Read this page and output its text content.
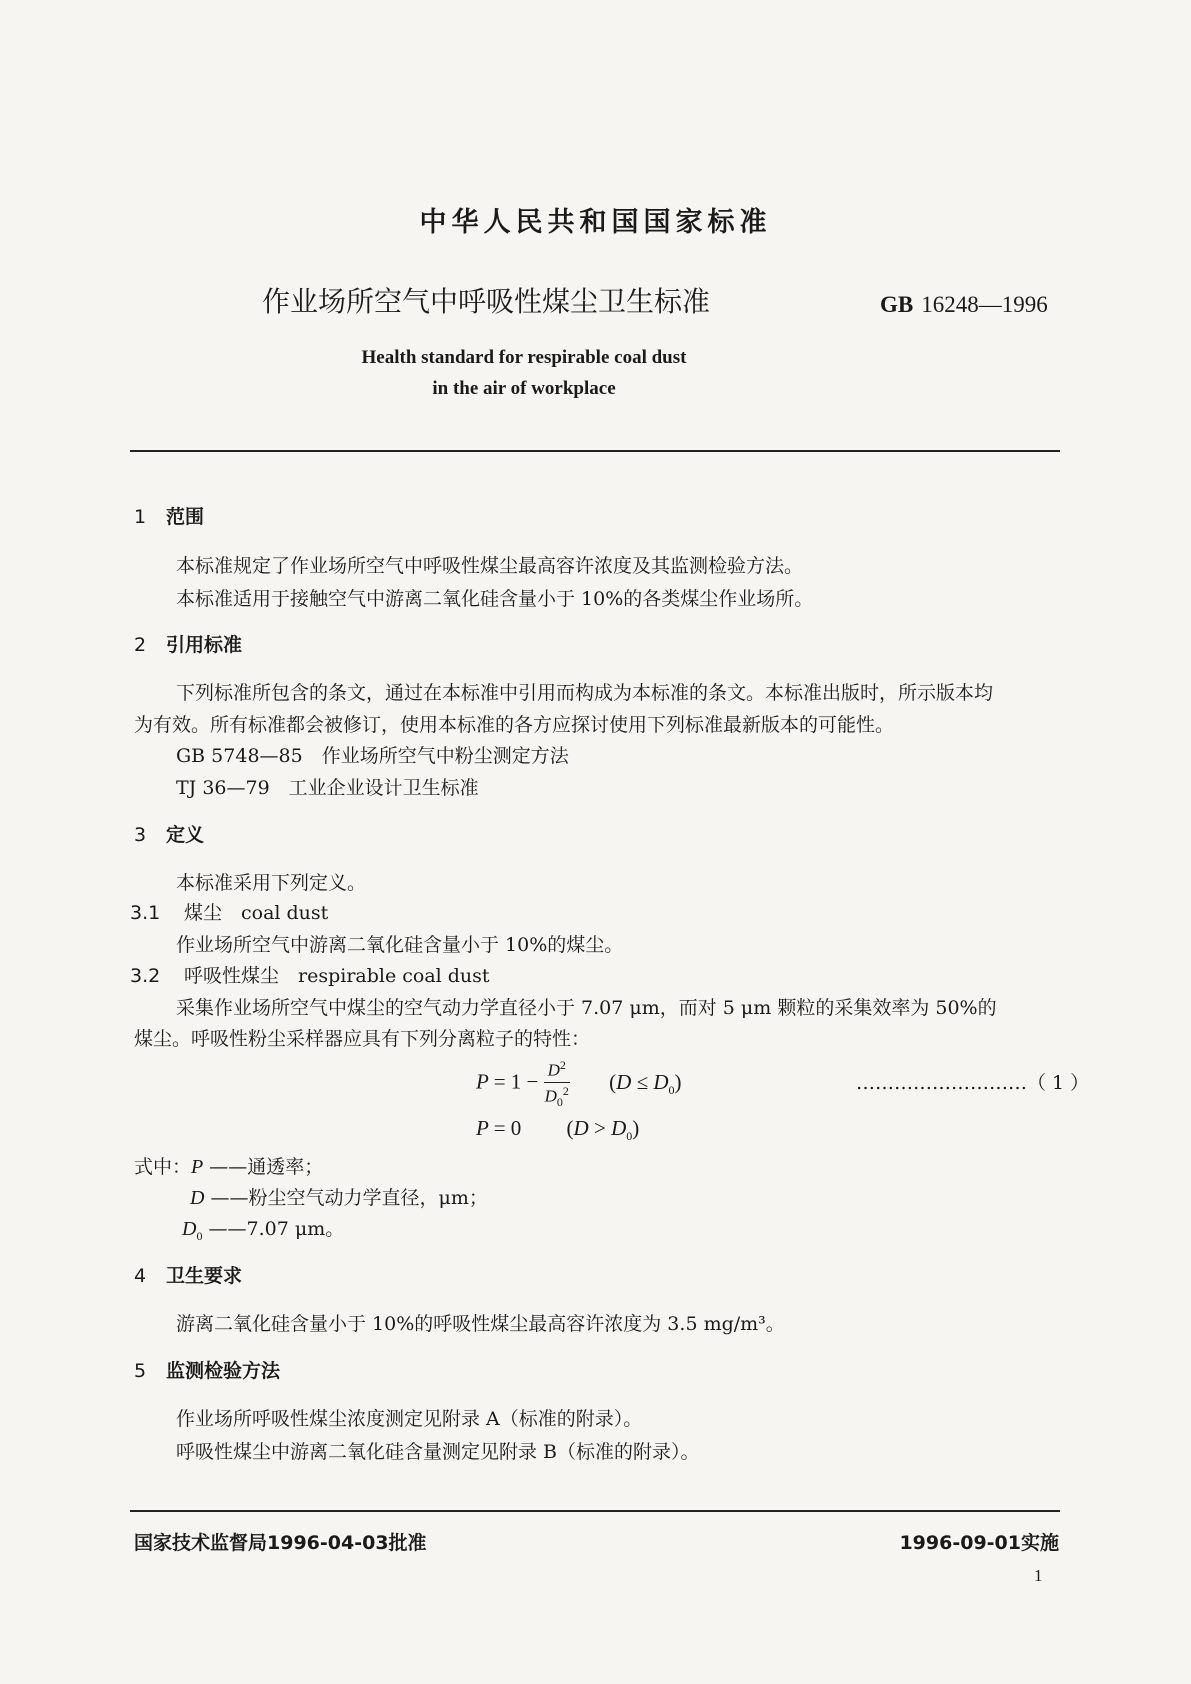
中华人民共和国国家标准
作业场所空气中呼吸性煤尘卫生标准	GB 16248—1996
Health standard for respirable coal dust
in the air of workplace
1 范围
本标准规定了作业场所空气中呼吸性煤尘最高容许浓度及其监测检验方法。
本标准适用于接触空气中游离二氧化硅含量小于 10%的各类煤尘作业场所。
2 引用标准
下列标准所包含的条文，通过在本标准中引用而构成为本标准的条文。本标准出版时，所示版本均
为有效。所有标准都会被修订，使用本标准的各方应探讨使用下列标准最新版本的可能性。
GB 5748—85　作业场所空气中粉尘测定方法
TJ 36—79　工业企业设计卫生标准
3 定义
本标准采用下列定义。
3.1 煤尘　coal dust
作业场所空气中游离二氧化硅含量小于 10%的煤尘。
3.2 呼吸性煤尘　respirable coal dust
采集作业场所空气中煤尘的空气动力学直径小于 7.07 μm，而对 5 μm 颗粒的采集效率为 50%的
煤尘。呼吸性粉尘采样器应具有下列分离粒子的特性：
$P = 1 - \frac{D^2}{D_0^2} (D \le D_0)$	………………………（ 1 ）
P = 0 $(D > D_0)$
式中：P ——通透率；
D ——粉尘空气动力学直径，μm；
$D_0$ ——7.07 μm。
4 卫生要求
游离二氧化硅含量小于 10%的呼吸性煤尘最高容许浓度为 3.5 mg/m³。
5 监测检验方法
作业场所呼吸性煤尘浓度测定见附录 A（标准的附录）。
呼吸性煤尘中游离二氧化硅含量测定见附录 B（标准的附录）。
国家技术监督局1996-04-03批准	1996-09-01实施
1
